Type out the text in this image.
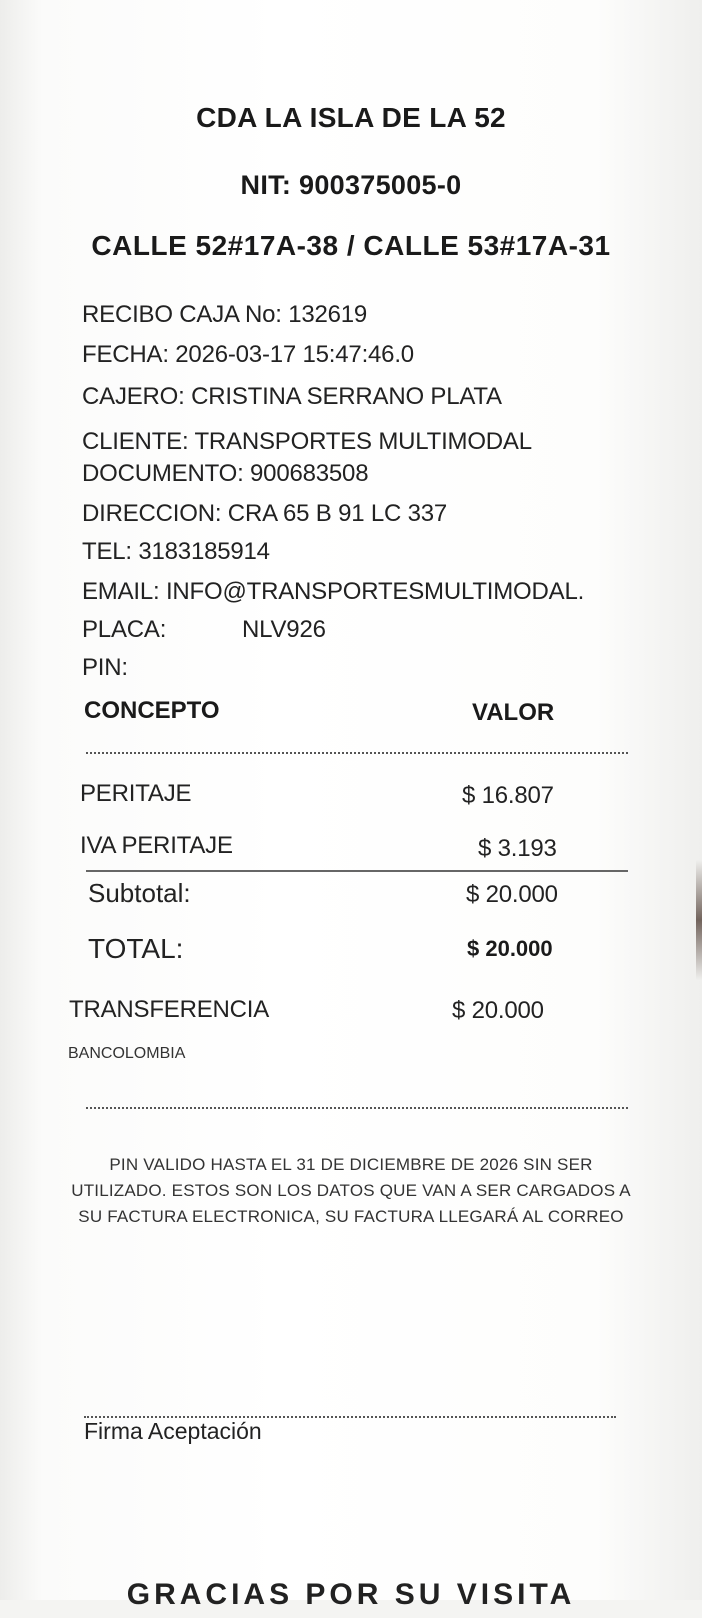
CDA LA ISLA DE LA 52
NIT: 900375005-0
CALLE 52#17A-38 / CALLE 53#17A-31
RECIBO CAJA No: 132619
FECHA: 2026-03-17 15:47:46.0
CAJERO: CRISTINA SERRANO PLATA
CLIENTE: TRANSPORTES MULTIMODAL
DOCUMENTO: 900683508
DIRECCION: CRA 65 B 91 LC 337
TEL: 3183185914
EMAIL: INFO@TRANSPORTESMULTIMODAL.
PLACA:	NLV926
PIN:
CONCEPTO	VALOR
PERITAJE	$ 16.807
IVA PERITAJE	$ 3.193
Subtotal:	$ 20.000
TOTAL:	$ 20.000
TRANSFERENCIA	$ 20.000
BANCOLOMBIA
PIN VALIDO HASTA EL 31 DE DICIEMBRE DE 2026 SIN SER
UTILIZADO. ESTOS SON LOS DATOS QUE VAN A SER CARGADOS A
SU FACTURA ELECTRONICA, SU FACTURA LLEGARÁ AL CORREO
Firma Aceptación
GRACIAS POR SU VISITA
